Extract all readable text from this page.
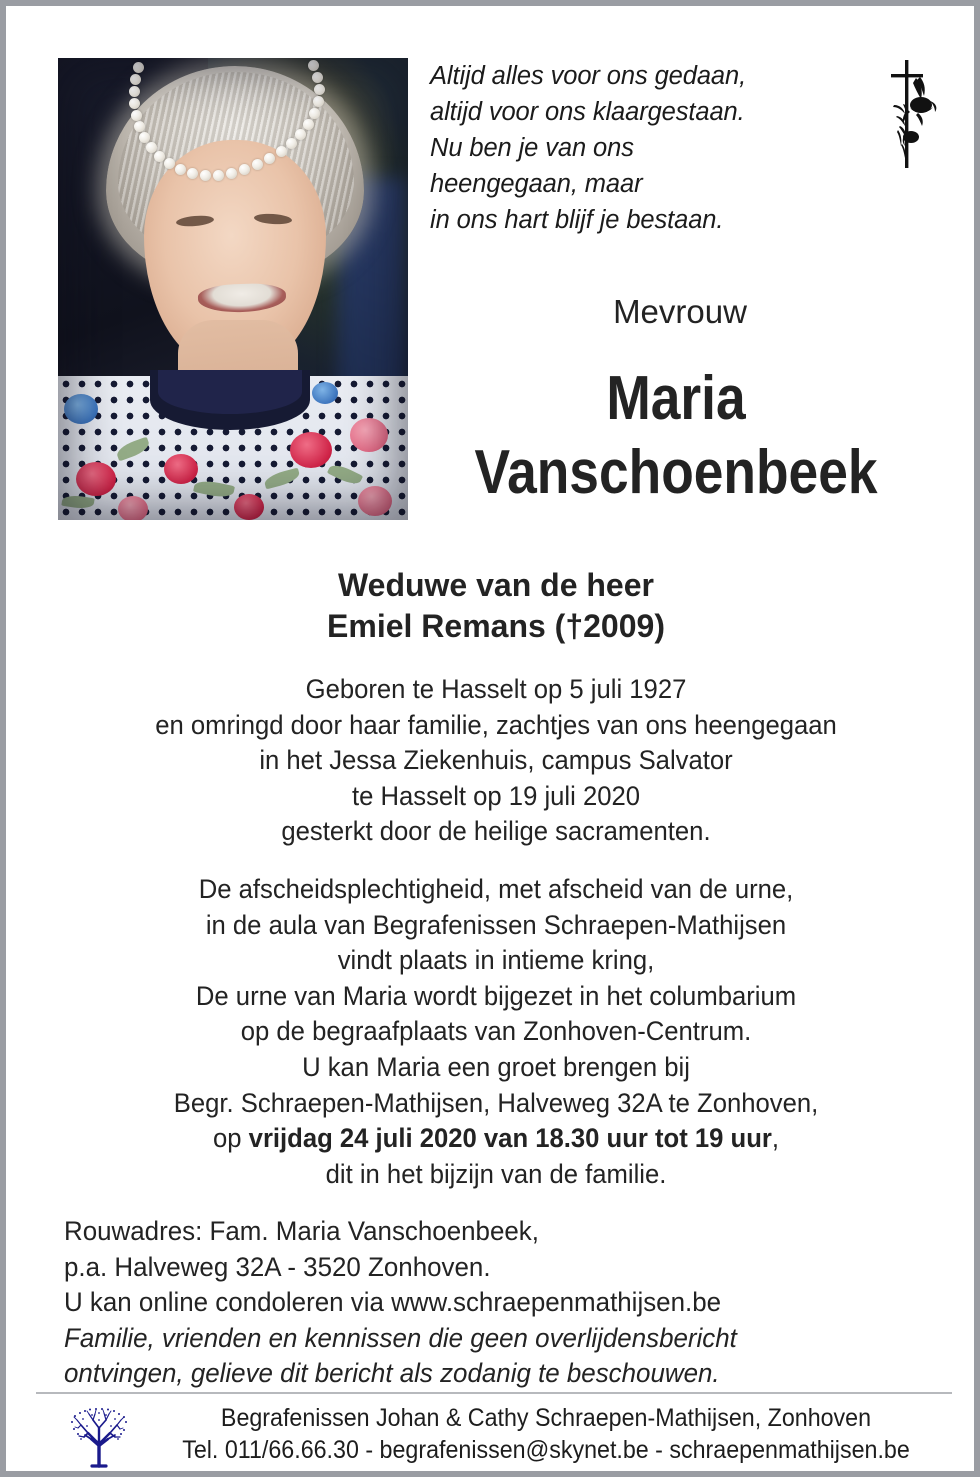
Altijd alles voor ons gedaan,
altijd voor ons klaargestaan.
Nu ben je van ons
heengegaan, maar
in ons hart blijf je bestaan.
Mevrouw
Maria
Vanschoenbeek
Weduwe van de heer
Emiel Remans (†2009)
Geboren te Hasselt op 5 juli 1927
en omringd door haar familie, zachtjes van ons heengegaan
in het Jessa Ziekenhuis, campus Salvator
te Hasselt op 19 juli 2020
gesterkt door de heilige sacramenten.
De afscheidsplechtigheid, met afscheid van de urne,
in de aula van Begrafenissen Schraepen-Mathijsen
vindt plaats in intieme kring,
De urne van Maria wordt bijgezet in het columbarium
op de begraafplaats van Zonhoven-Centrum.
U kan Maria een groet brengen bij
Begr. Schraepen-Mathijsen, Halveweg 32A te Zonhoven,
op vrijdag 24 juli 2020 van 18.30 uur tot 19 uur,
dit in het bijzijn van de familie.
Rouwadres: Fam. Maria Vanschoenbeek,
p.a. Halveweg 32A - 3520 Zonhoven.
U kan online condoleren via www.schraepenmathijsen.be
Familie, vrienden en kennissen die geen overlijdensbericht
ontvingen, gelieve dit bericht als zodanig te beschouwen.
Begrafenissen Johan & Cathy Schraepen-Mathijsen, Zonhoven
Tel. 011/66.66.30 - begrafenissen@skynet.be - schraepenmathijsen.be
